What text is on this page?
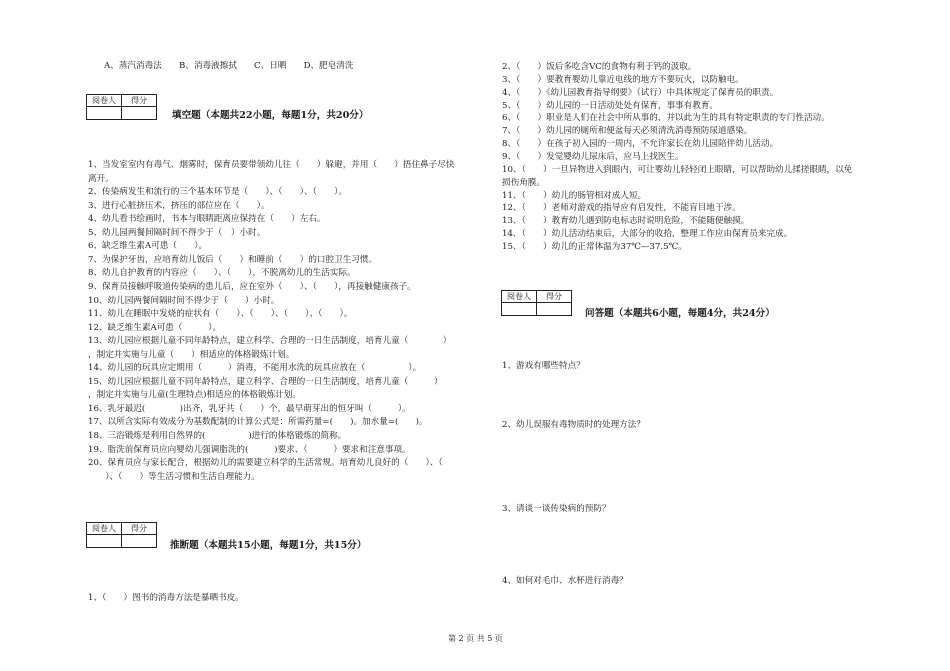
A、蒸汽消毒法　　B、消毒液擦拭　　C、日晒　　D、肥皂清洗
阅卷人	得分

填空题（本题共22小题，每题1分，共20分）
1、当发室室内有毒气、烟雾时，保育员要带领幼儿往（　　）躲避，并用（　　）捂住鼻子尽快
离开。
2、传染病发生和流行的三个基本环节是（　　）、（　　）、（　　）。
3、进行心脏挤压术，挤压的部位应在（　　）。
4、幼儿看书绘画时，书本与眼睛距离应保持在（　　）左右。
5、幼儿园两餐间隔时间不得少于（　）小时。
6、缺乏维生素A可患（　　）。
7、为保护牙齿，应培育幼儿饭后（　　）和睡前（　　）的口腔卫生习惯。
8、幼儿自护教育的内容应（　　）、（　　），不脱离幼儿的生活实际。
9、保育员接触呼吸道传染病的患儿后，应在室外（　　）、（　　），再接触健康孩子。
10、幼儿园两餐间隔时间不得少于（　　）小时。
11、幼儿在睡眠中发烧的症状有（　　）、（　　）、（　　）、（　　）。
12、缺乏维生素A可患（　　　）。
13、幼儿园应根据儿童不同年龄特点，建立科学、合理的一日生活制度，培育儿童（　　　　）
，制定并实施与儿童（　　）相适应的体格锻炼计划。
14、幼儿园的玩具应定期用（　　　）消毒，不能用水洗的玩具应放在（　　　　　）。
15、幼儿园应根据儿童不同年龄特点，建立科学、合理的一日生活制度，培育儿童（　　　）
，制定并实施与儿童(生理特点)相适应的体格锻炼计划。
16、乳牙最迟(　　　　)出齐，乳牙共（　　）个，最早萌芽出的恒牙叫（　　　）。
17、以所含实际有效成分为基数配制的计算公式是：所需药量=(　　)。加水量=(　　)。
18、三浴锻炼是利用自然界的(　　　　　)进行的体格锻炼的简称。
19、脂洗前保育员应向婴幼儿强调脂洗的(　　　)要求、（　　　）要求和注意事项。
20、保育员应与家长配合，根据幼儿的需要建立科学的生活常规。培育幼儿良好的（　　）、（
　　）、（　　）等生活习惯和生活自理能力。
阅卷人	得分

推断题（本题共15小题，每题1分，共15分）
1、（　　）图书的消毒方法是暴晒书皮。
2、（　　）饭后多吃含VC的食物有利于钙的汲取。
3、（　　）要教育婴幼儿靠近电线的地方不要玩火，以防触电。
4、（　　）《幼儿园教育指导纲要》（试行）中具体规定了保育员的职责。
5、（　　）幼儿园的一日活动处处有保育，事事有教育。
6、（　　）职业是人们在社会中所从事的，并以此为生的具有特定职责的专门性活动。
7、（　　）幼儿园的厕所和便盆每天必须清洗消毒预防尿道感染。
8、（　　）在孩子初入园的一周内，不允许家长在幼儿园陪伴幼儿活动。
9、（　　）发觉婴幼儿尿床后，应马上找医生。
10、（　　）一旦异物进入到眼内，可让婴幼儿轻轻闭上眼睛，可以帮助幼儿揉搓眼睛，以免
损伤角膜。
11、（　　）幼儿的肠管相对成人短。
12、（　　）老师对游戏的指导应有启发性，不能盲目地干涉。
13、（　　）教育幼儿遇到防电标志时说明危险，不能随便触摸。
14、（　　）幼儿活动结束后，大部分的收拾，整理工作应由保育员来完成。
15、（　　）幼儿的正常体温为37℃—37.5℃。
阅卷人	得分

问答题（本题共6小题，每题4分，共24分）
1、游戏有哪些特点？
2、幼儿误服有毒物质时的处理方法？
3、请谈一谈传染病的预防？
4、如何对毛巾、水杯进行消毒？
第 2 页 共 5 页
